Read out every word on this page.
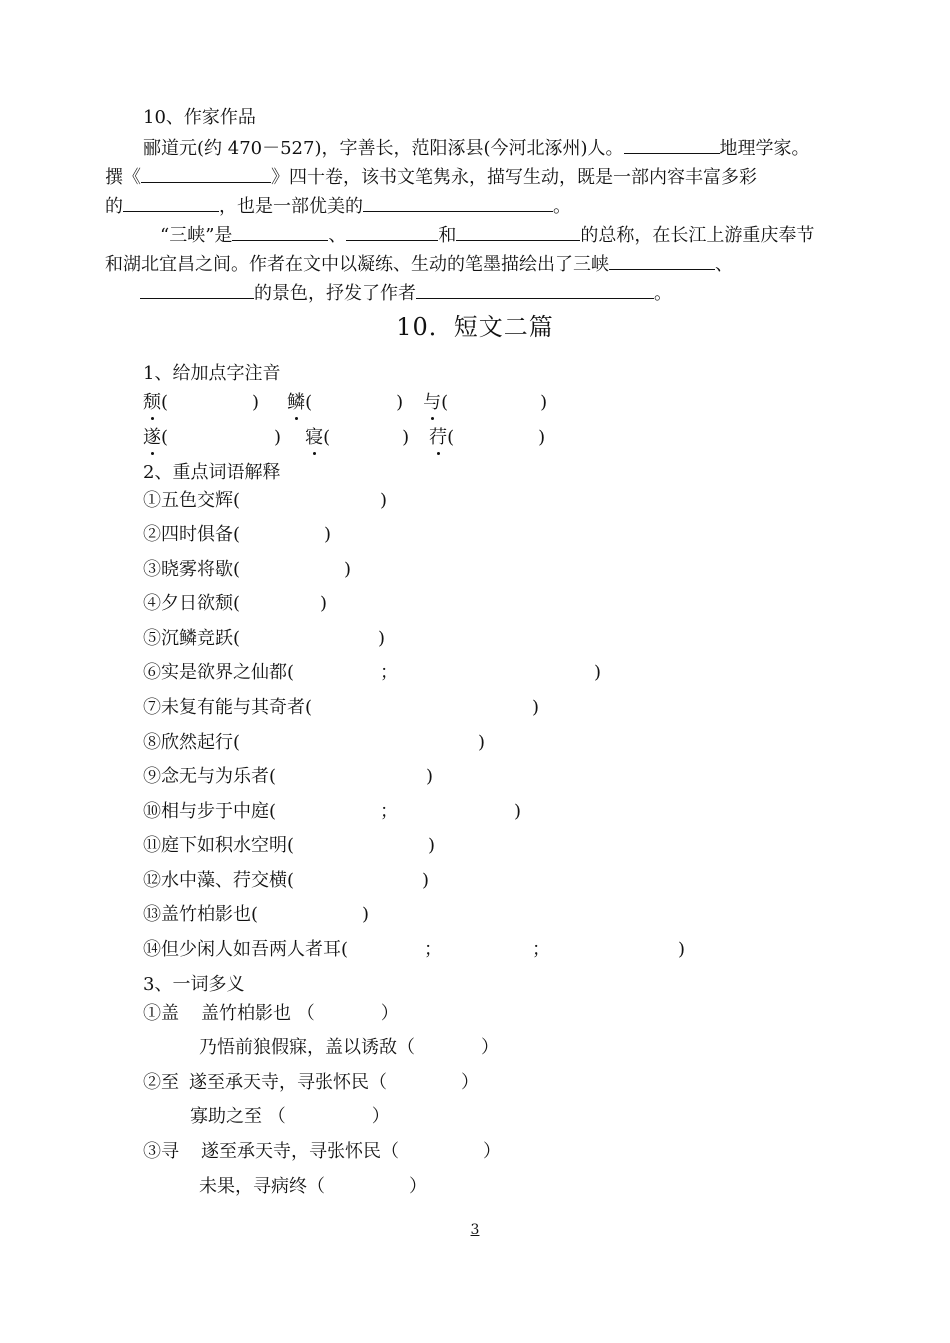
10、作家作品
郦道元(约 470－527)，字善长，范阳涿县(今河北涿州)人。	地理学家。
撰《	》四十卷，该书文笔隽永，描写生动，既是一部内容丰富多彩
的	，也是一部优美的	。
“三峡”是	、	和	的总称，在长江上游重庆奉节
和湖北宜昌之间。作者在文中以凝练、生动的笔墨描绘出了三峡	、
的景色，抒发了作者	。
10．短文二篇
1、给加点字注音
颓(	) 鳞(	) 与(	)
遂(	) 寝(	) 荇(	)
2、重点词语解释
①五色交辉(	)
②四时俱备(	)
③晓雾将歇(	)
④夕日欲颓(	)
⑤沉鳞竞跃(	)
⑥实是欲界之仙都(	；	)
⑦未复有能与其奇者(	)
⑧欣然起行(	)
⑨念无与为乐者(	)
⑩相与步于中庭(	；	)
⑪庭下如积水空明(	)
⑫水中藻、荇交横(	)
⑬盖竹柏影也(	)
⑭但少闲人如吾两人者耳(	；	；	)
3、一词多义
①盖 盖竹柏影也 （	）
乃悟前狼假寐，盖以诱敌（	）
②至 遂至承天寺，寻张怀民（	）
寡助之至 （	）
③寻 遂至承天寺，寻张怀民（	）
未果，寻病终（	）
3
